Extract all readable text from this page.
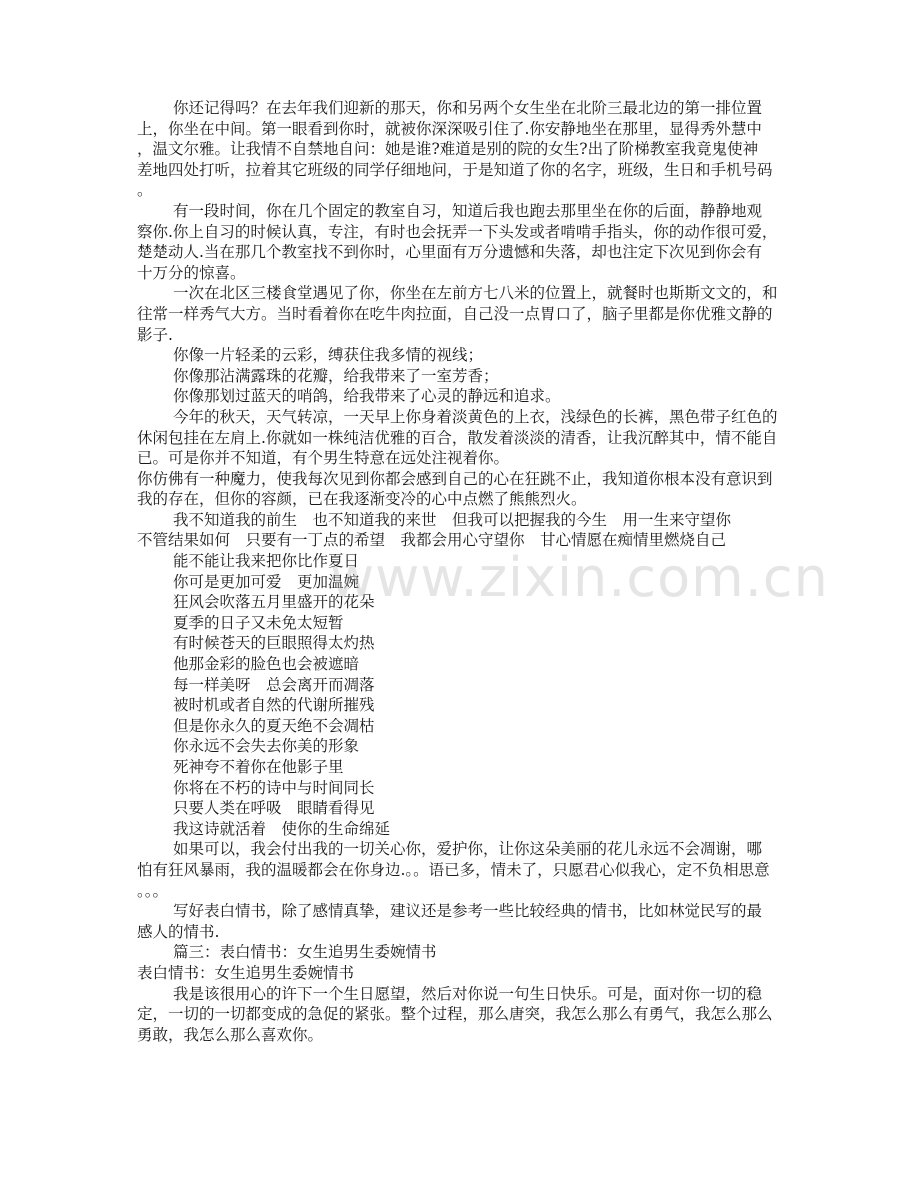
你还记得吗？在去年我们迎新的那天，你和另两个女生坐在北阶三最北边的第一排位置
上，你坐在中间。第一眼看到你时，就被你深深吸引住了.你安静地坐在那里，显得秀外慧中
，温文尔雅。让我情不自禁地自问：她是谁?难道是别的院的女生?出了阶梯教室我竟鬼使神
差地四处打听，拉着其它班级的同学仔细地问，于是知道了你的名字，班级，生日和手机号码
。
有一段时间，你在几个固定的教室自习，知道后我也跑去那里坐在你的后面，静静地观
察你.你上自习的时候认真，专注，有时也会抚弄一下头发或者啃啃手指头，你的动作很可爱，
楚楚动人.当在那几个教室找不到你时，心里面有万分遗憾和失落，却也注定下次见到你会有
十万分的惊喜。
一次在北区三楼食堂遇见了你，你坐在左前方七八米的位置上，就餐时也斯斯文文的，和
往常一样秀气大方。当时看着你在吃牛肉拉面，自己没一点胃口了，脑子里都是你优雅文静的
影子.
你像一片轻柔的云彩，缚获住我多情的视线；
你像那沾满露珠的花瓣，给我带来了一室芳香；
你像那划过蓝天的哨鸽，给我带来了心灵的静远和追求。
今年的秋天，天气转凉，一天早上你身着淡黄色的上衣，浅绿色的长裤，黑色带子红色的
休闲包挂在左肩上.你就如一株纯洁优雅的百合，散发着淡淡的清香，让我沉醉其中，情不能自
已。可是你并不知道，有个男生特意在远处注视着你。
你仿佛有一种魔力，使我每次见到你都会感到自己的心在狂跳不止，我知道你根本没有意识到
我的存在，但你的容颜，已在我逐渐变冷的心中点燃了熊熊烈火。
我不知道我的前生　也不知道我的来世　但我可以把握我的今生　用一生来守望你
不管结果如何　只要有一丁点的希望　我都会用心守望你　甘心情愿在痴情里燃烧自己
能不能让我来把你比作夏日
你可是更加可爱　更加温婉
狂风会吹落五月里盛开的花朵
夏季的日子又未免太短暂
有时候苍天的巨眼照得太灼热
他那金彩的脸色也会被遮暗
每一样美呀　总会离开而凋落
被时机或者自然的代谢所摧残
但是你永久的夏天绝不会凋枯
你永远不会失去你美的形象
死神夸不着你在他影子里
你将在不朽的诗中与时间同长
只要人类在呼吸　眼睛看得见
我这诗就活着　使你的生命绵延
如果可以，我会付出我的一切关心你，爱护你，让你这朵美丽的花儿永远不会凋谢，哪
怕有狂风暴雨，我的温暖都会在你身边.。。语已多，情未了，只愿君心似我心，定不负相思意
。。。
写好表白情书，除了感情真挚，建议还是参考一些比较经典的情书，比如林觉民写的最
感人的情书.
篇三：表白情书：女生追男生委婉情书
表白情书：女生追男生委婉情书
我是该很用心的许下一个生日愿望，然后对你说一句生日快乐。可是，面对你一切的稳
定，一切的一切都变成的急促的紧张。整个过程，那么唐突，我怎么那么有勇气，我怎么那么
勇敢，我怎么那么喜欢你。
www.zixin.com.cn
